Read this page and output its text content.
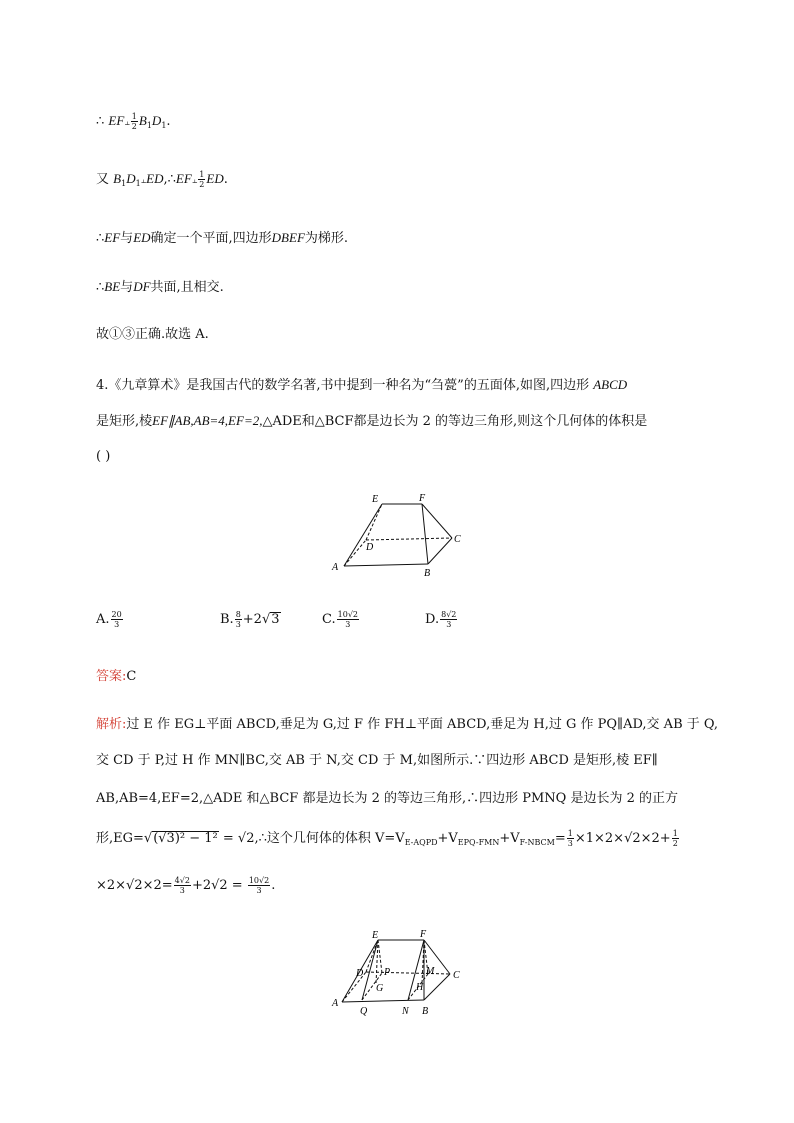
∴ EF⫠ $\frac{1}{2} B_1D_1$.
又 $B_1D_1⫠ED,\therefore EF⫠ \frac{1}{2}$ ED.
∴EF与ED确定一个平面,四边形DBEF为梯形.
∴BE与DF共面,且相交.
故①③正确.故选 A.
4.《九章算术》是我国古代的数学名著,书中提到一种名为“刍甍”的五面体,如图,四边形 ABCD
是矩形,棱EF∥AB,AB=4,EF=2,△ADE和△BCF都是边长为 2 的等边三角形,则这个几何体的体积是
( )
E	F
D
C
A
B
A. $\frac{20}{3}$	B. $\frac{8}{3} +2√3$	C. $\frac{10√2}{3}$	D. $\frac{8√2}{3}$
答案:C
解析:过 E 作 EG⊥平面 ABCD,垂足为 G,过 F 作 FH⊥平面 ABCD,垂足为 H,过 G 作 PQ∥AD,交 AB 于 Q,
交 CD 于 P,过 H 作 MN∥BC,交 AB 于 N,交 CD 于 M,如图所示.∵四边形 ABCD 是矩形,棱 EF∥
AB,AB=4,EF=2,△ADE 和△BCF 都是边长为 2 的等边三角形,∴四边形 PMNQ 是边长为 2 的正方
形,EG=√(√3)² − 1² = √2,∴这个几何体的体积 $V=V_{E-AQPD}+V_{EPQ-FMN}+V_{F-NBCM}= \frac{1}{3} \times 1\times 2\times√2\times 2+ \frac{1}{2}$
$\times 2\times√2\times 2= \frac{4√2}{3} +2√2 = \frac{10√2}{3}$ .
E	F
D P	M C
G	H
A
Q	N B
